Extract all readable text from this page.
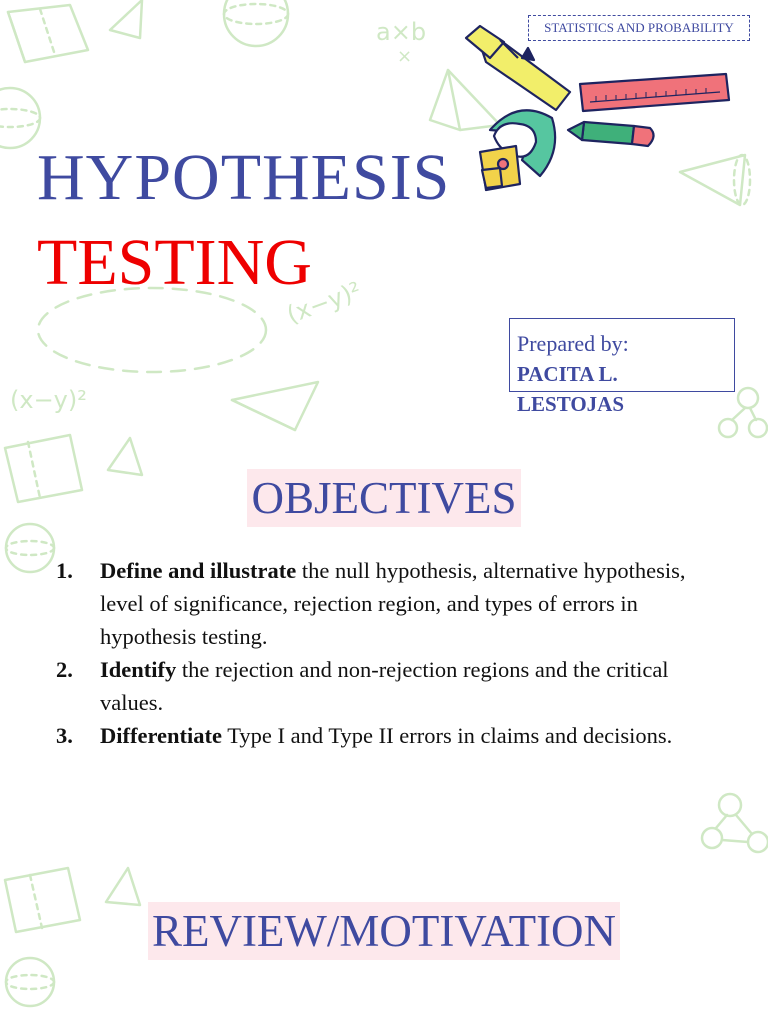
a×b
×
(x−y)²
(x−y)²
STATISTICS AND PROBABILITY
HYPOTHESIS
TESTING
Prepared by:
PACITA L.
LESTOJAS
OBJECTIVES
1. Define and illustrate the null hypothesis, alternative hypothesis, level of significance, rejection region, and types of errors in hypothesis testing.
2. Identify the rejection and non-rejection regions and the critical values.
3. Differentiate Type I and Type II errors in claims and decisions.
REVIEW/MOTIVATION
